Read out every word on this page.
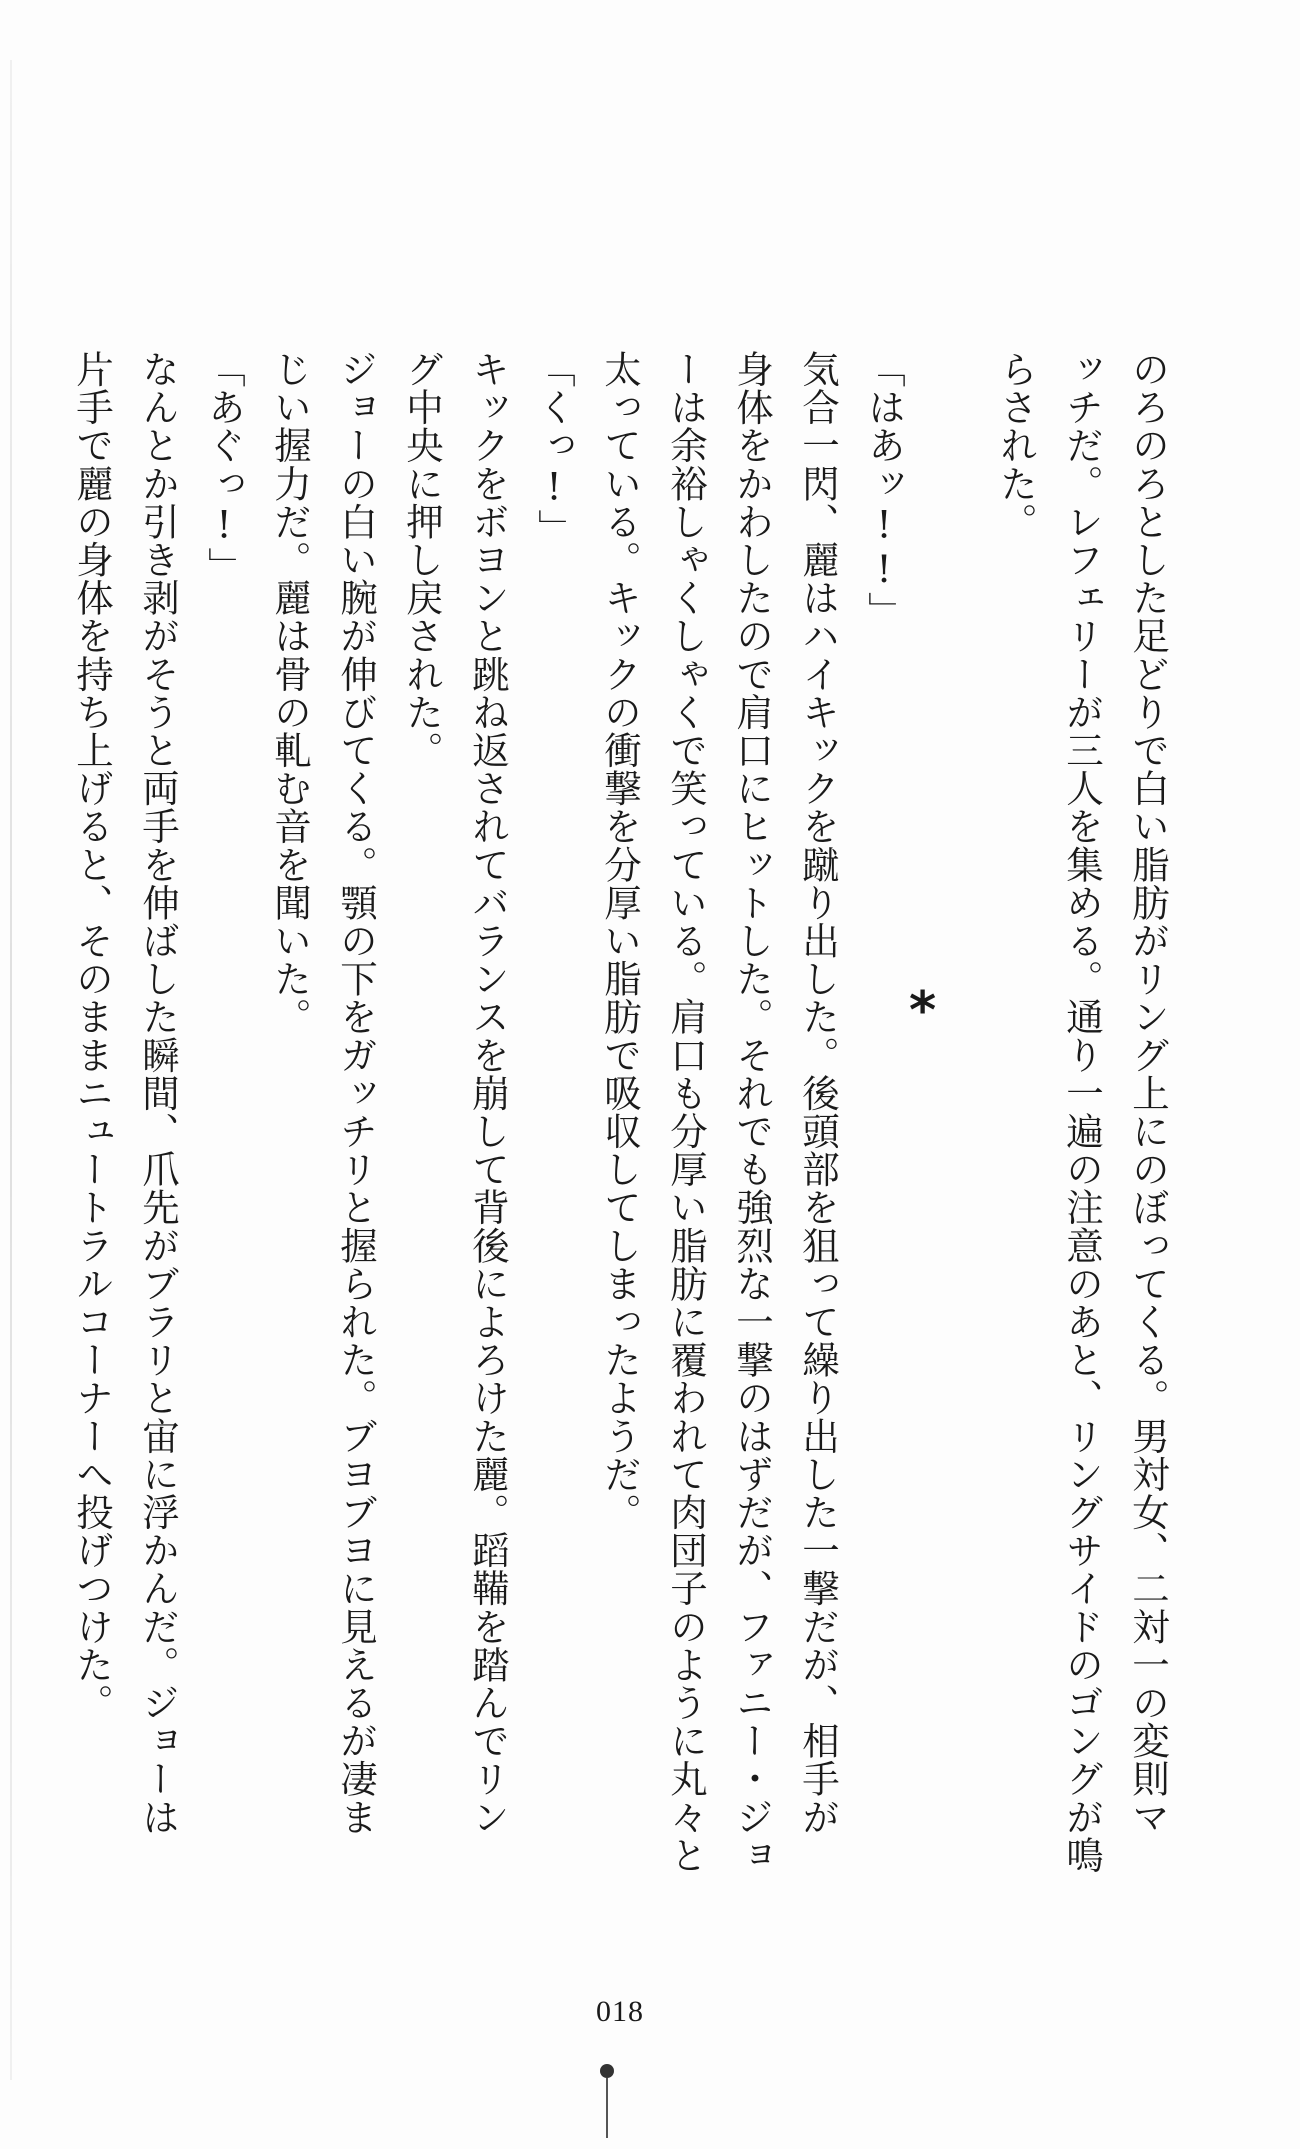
のろのろとした足どりで白い脂肪がリング上にのぼってくる。男対女、二対一の変則マ
ッチだ。レフェリーが三人を集める。通り一遍の注意のあと、リングサイドのゴングが鳴
らされた。
*
「はあッ!!」
気合一閃、麗はハイキックを蹴り出した。後頭部を狙って繰り出した一撃だが、相手が
身体をかわしたので肩口にヒットした。それでも強烈な一撃のはずだが、ファニー・ジョ
ーは余裕しゃくしゃくで笑っている。肩口も分厚い脂肪に覆われて肉団子のように丸々と
太っている。キックの衝撃を分厚い脂肪で吸収してしまったようだ。
「くっ!」
キックをボヨンと跳ね返されてバランスを崩して背後によろけた麗。蹈鞴を踏んでリン
グ中央に押し戻された。
ジョーの白い腕が伸びてくる。顎の下をガッチリと握られた。ブヨブヨに見えるが凄ま
じい握力だ。麗は骨の軋む音を聞いた。
「あぐっ!」
なんとか引き剥がそうと両手を伸ばした瞬間、爪先がブラリと宙に浮かんだ。ジョーは
片手で麗の身体を持ち上げると、そのままニュートラルコーナーへ投げつけた。
018
